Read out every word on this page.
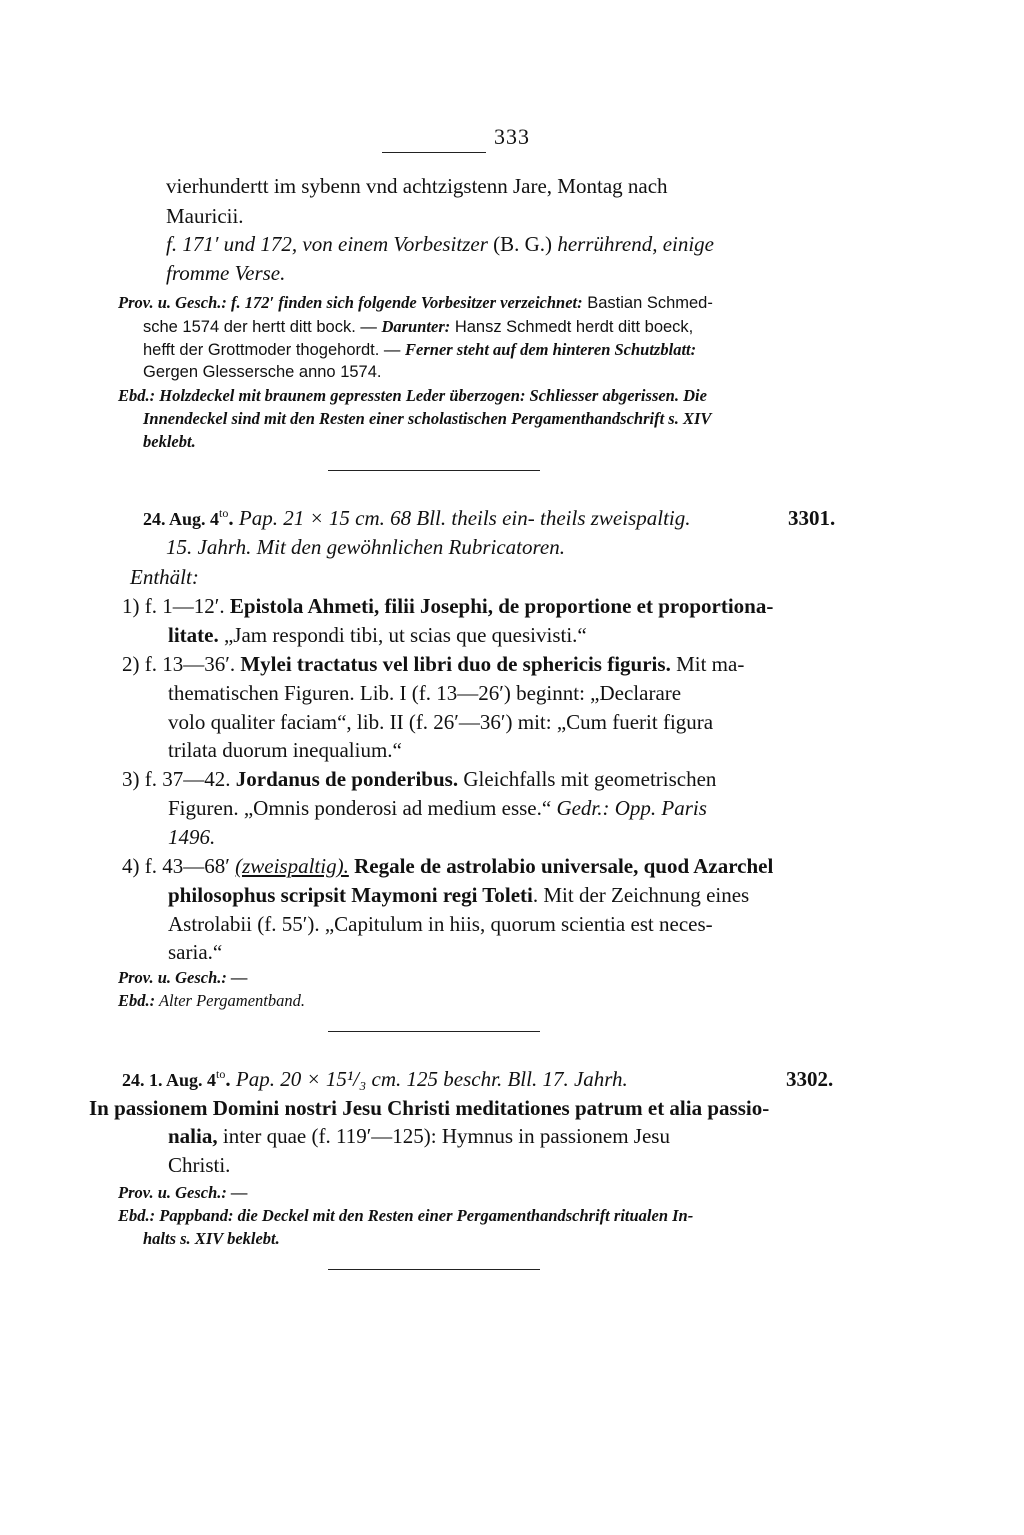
333
vierhundertt im sybenn vnd achtzigstenn Jare, Montag nach
Mauricii.
f. 171′ und 172, von einem Vorbesitzer (B. G.) herrührend, einige
fromme Verse.
Prov. u. Gesch.: f. 172′ finden sich folgende Vorbesitzer verzeichnet: Bastian Schmed-
sche 1574 der hertt ditt bock. — Darunter: Hansz Schmedt herdt ditt boeck,
hefft der Grottmoder thogehordt. — Ferner steht auf dem hinteren Schutzblatt:
Gergen Glessersche anno 1574.
Ebd.: Holzdeckel mit braunem gepressten Leder überzogen: Schliesser abgerissen. Die
Innendeckel sind mit den Resten einer scholastischen Pergamenthandschrift s. XIV
beklebt.
24. Aug. $4^{to}$. Pap. 21 × 15 cm. 68 Bll. theils ein- theils zweispaltig.	3301.
15. Jahrh. Mit den gewöhnlichen Rubricatoren.
Enthält:
1) f. 1—12′. Epistola Ahmeti, filii Josephi, de proportione et proportiona-
litate. „Jam respondi tibi, ut scias que quesivisti.“
2) f. 13—36′. Mylei tractatus vel libri duo de sphericis figuris. Mit ma-
thematischen Figuren. Lib. I (f. 13—26′) beginnt: „Declarare
volo qualiter faciam“, lib. II (f. 26′—36′) mit: „Cum fuerit figura
trilata duorum inequalium.“
3) f. 37—42. Jordanus de ponderibus. Gleichfalls mit geometrischen
Figuren. „Omnis ponderosi ad medium esse.“ Gedr.: Opp. Paris
1496.
4) f. 43—68′ (zweispaltig). Regale de astrolabio universale, quod Azarchel
philosophus scripsit Maymoni regi Toleti. Mit der Zeichnung eines
Astrolabii (f. 55′). „Capitulum in hiis, quorum scientia est neces-
saria.“
Prov. u. Gesch.: —
Ebd.: Alter Pergamentband.
24. 1. Aug. $4^{to}$. Pap. 20 × 15¹/₃ cm. 125 beschr. Bll. 17. Jahrh.	3302.
In passionem Domini nostri Jesu Christi meditationes patrum et alia passio-
nalia, inter quae (f. 119′—125): Hymnus in passionem Jesu
Christi.
Prov. u. Gesch.: —
Ebd.: Pappband: die Deckel mit den Resten einer Pergamenthandschrift ritualen In-
halts s. XIV beklebt.
